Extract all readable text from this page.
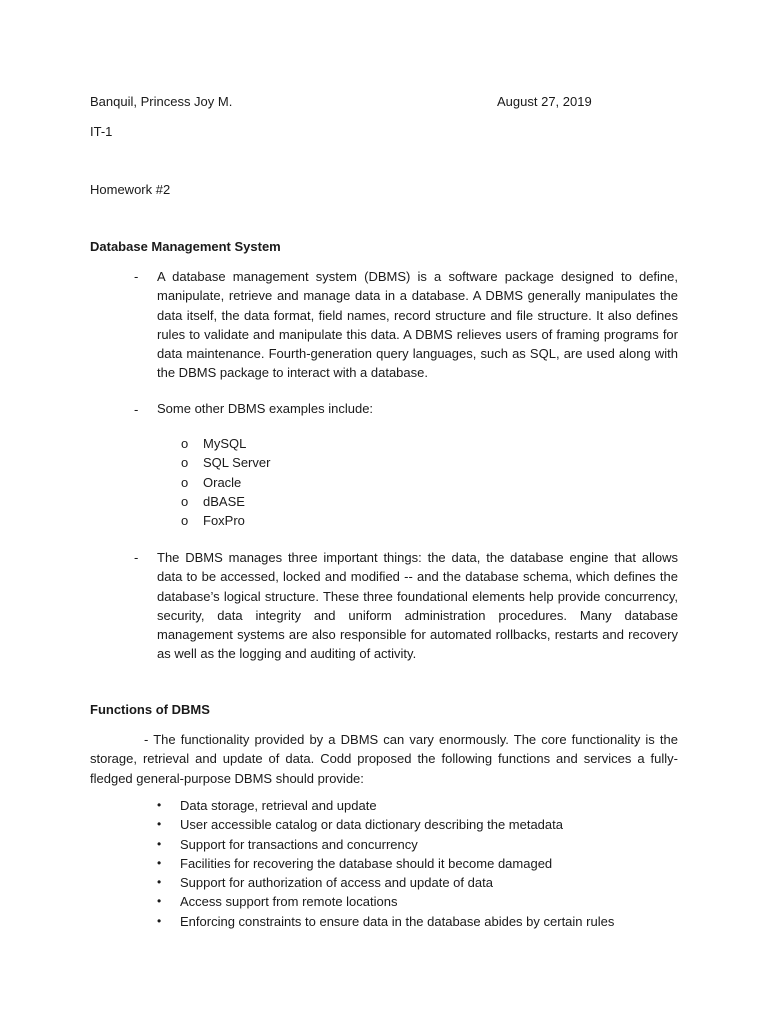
Banquil, Princess Joy M.	August 27, 2019
IT-1
Homework #2
Database Management System
- A database management system (DBMS) is a software package designed to define, manipulate, retrieve and manage data in a database. A DBMS generally manipulates the data itself, the data format, field names, record structure and file structure. It also defines rules to validate and manipulate this data. A DBMS relieves users of framing programs for data maintenance. Fourth-generation query languages, such as SQL, are used along with the DBMS package to interact with a database.

- Some other DBMS examples include:
o MySQL
o SQL Server
o Oracle
o dBASE
o FoxPro
- The DBMS manages three important things: the data, the database engine that allows data to be accessed, locked and modified -- and the database schema, which defines the database’s logical structure. These three foundational elements help provide concurrency, security, data integrity and uniform administration procedures. Many database management systems are also responsible for automated rollbacks, restarts and recovery as well as the logging and auditing of activity.

Functions of DBMS

- The functionality provided by a DBMS can vary enormously. The core functionality is the storage, retrieval and update of data. Codd proposed the following functions and services a fully-fledged general-purpose DBMS should provide:

• Data storage, retrieval and update
• User accessible catalog or data dictionary describing the metadata
• Support for transactions and concurrency
• Facilities for recovering the database should it become damaged
• Support for authorization of access and update of data
• Access support from remote locations
• Enforcing constraints to ensure data in the database abides by certain rules
